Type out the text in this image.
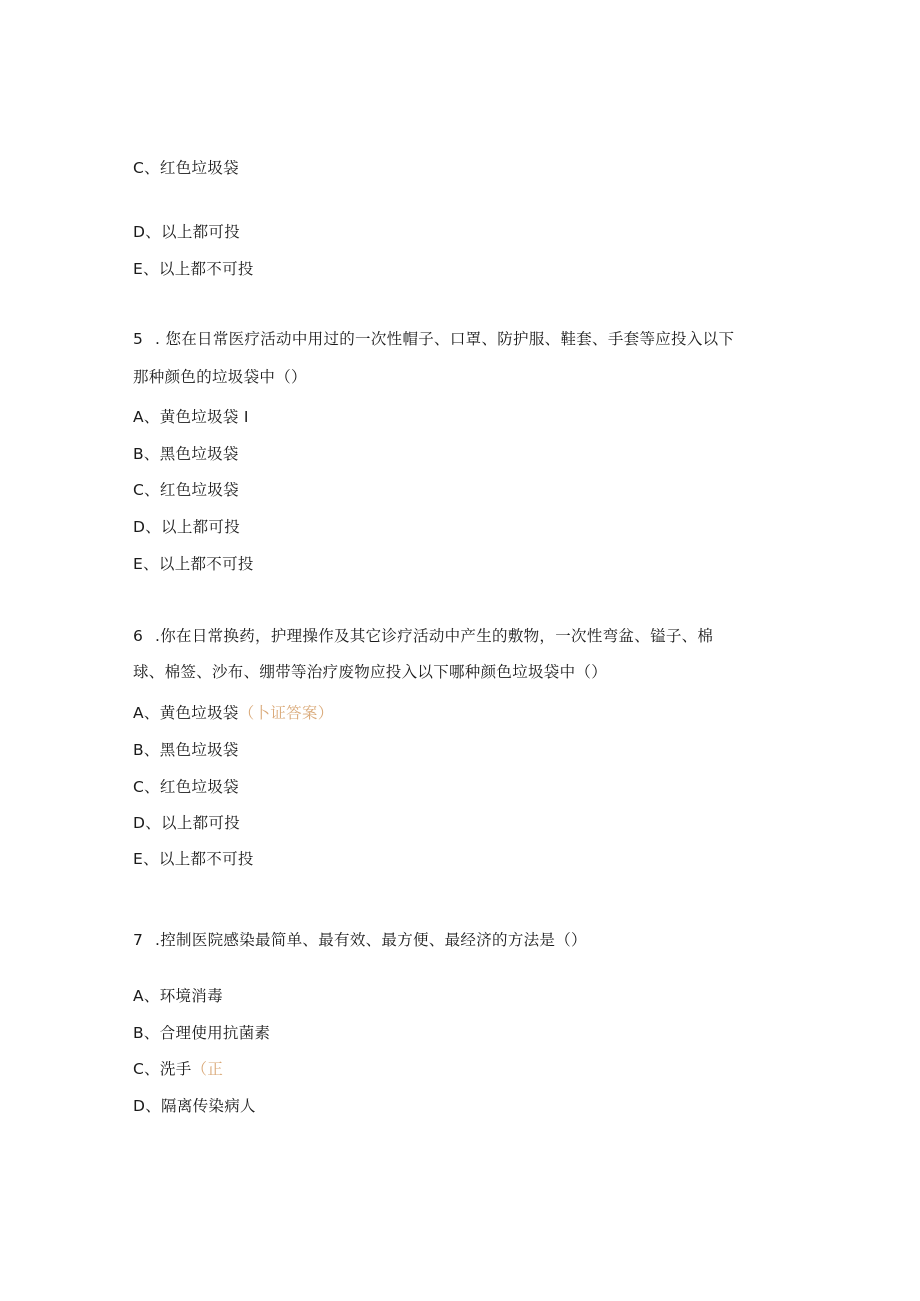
C、红色垃圾袋
D、以上都可投
E、以上都不可投
5 . 您在日常医疗活动中用过的一次性帽子、口罩、防护服、鞋套、手套等应投入以下
那种颜色的垃圾袋中（）
A、黄色垃圾袋 I
B、黑色垃圾袋
C、红色垃圾袋
D、以上都可投
E、以上都不可投
6 .你在日常换药，护理操作及其它诊疗活动中产生的敷物，一次性弯盆、镒子、棉
球、棉签、沙布、绷带等治疗废物应投入以下哪种颜色垃圾袋中（）
A、黄色垃圾袋（卜证答案）
B、黑色垃圾袋
C、红色垃圾袋
D、以上都可投
E、以上都不可投
7 .控制医院感染最简单、最有效、最方便、最经济的方法是（）
A、环境消毒
B、合理使用抗菌素
C、洗手（正
D、隔离传染病人
